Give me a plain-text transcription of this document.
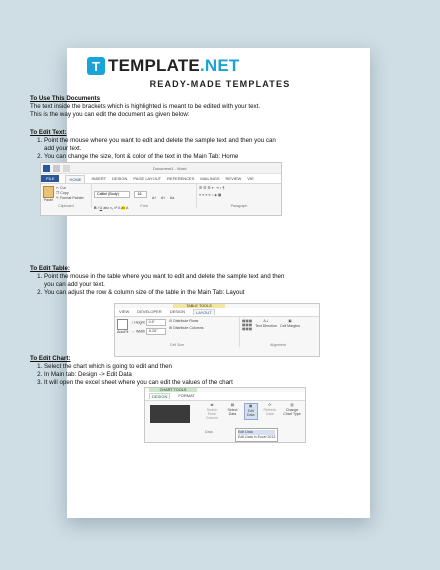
T TEMPLATE.NET
READY-MADE TEMPLATES
To Use This Documents
The text inside the brackets which is highlighted is meant to be edited with your text.
This is the way you can edit the document as given below:
To Edit Text:
1. Point the mouse where you want to edit and delete the sample text and then you can add your text.
2. You can change the size, font & color of the text in the Main Tab: Home
Document1 - Word
FILE	HOME	INSERT DESIGN PAGE LAYOUT REFERENCES MAILINGS REVIEW VIE
Paste
✂ Cut
❐ Copy
✎ Format Painter
Clipboard
Calibri (Body)	16 A˄ A˅ Aa
B I U abc x₂ x² A ab A	Font
☰ ☰ ☰ ⇤ ⇥ ↕ ¶
≡ ≡ ≡ ≡ ↕ ◈ ▦
Paragraph
To Edit Table:
1. Point the mouse in the table where you want to edit and delete the sample text and then you can add your text.
2. You can adjust the row & column size of the table in the Main Tab: Layout
TABLE TOOLS
VIEW DEVELOPER DESIGN	LAYOUT
AutoFit
↕ Height 0.6"
↔ Width 6.26"
⊟ Distribute Rows
⊞ Distribute Columns
Cell Size
▦▦▦
▦▦▦
▦▦▦
A⇣
Text Direction
▣
Cell Margins
Alignment
To Edit Chart:
1. Select the chart which is going to edit and then
2. In Main tab: Design -> Edit Data
3. It will open the excel sheet where you can edit the values of the chart
CHART TOOLS
DESIGN	FORMAT
⇄
Switch Row/ Column
▤
Select Data
▦
Edit Data
⟳
Refresh Data
▥
Change Chart Type
Data	Edit Data
Edit Data in Excel 2013
